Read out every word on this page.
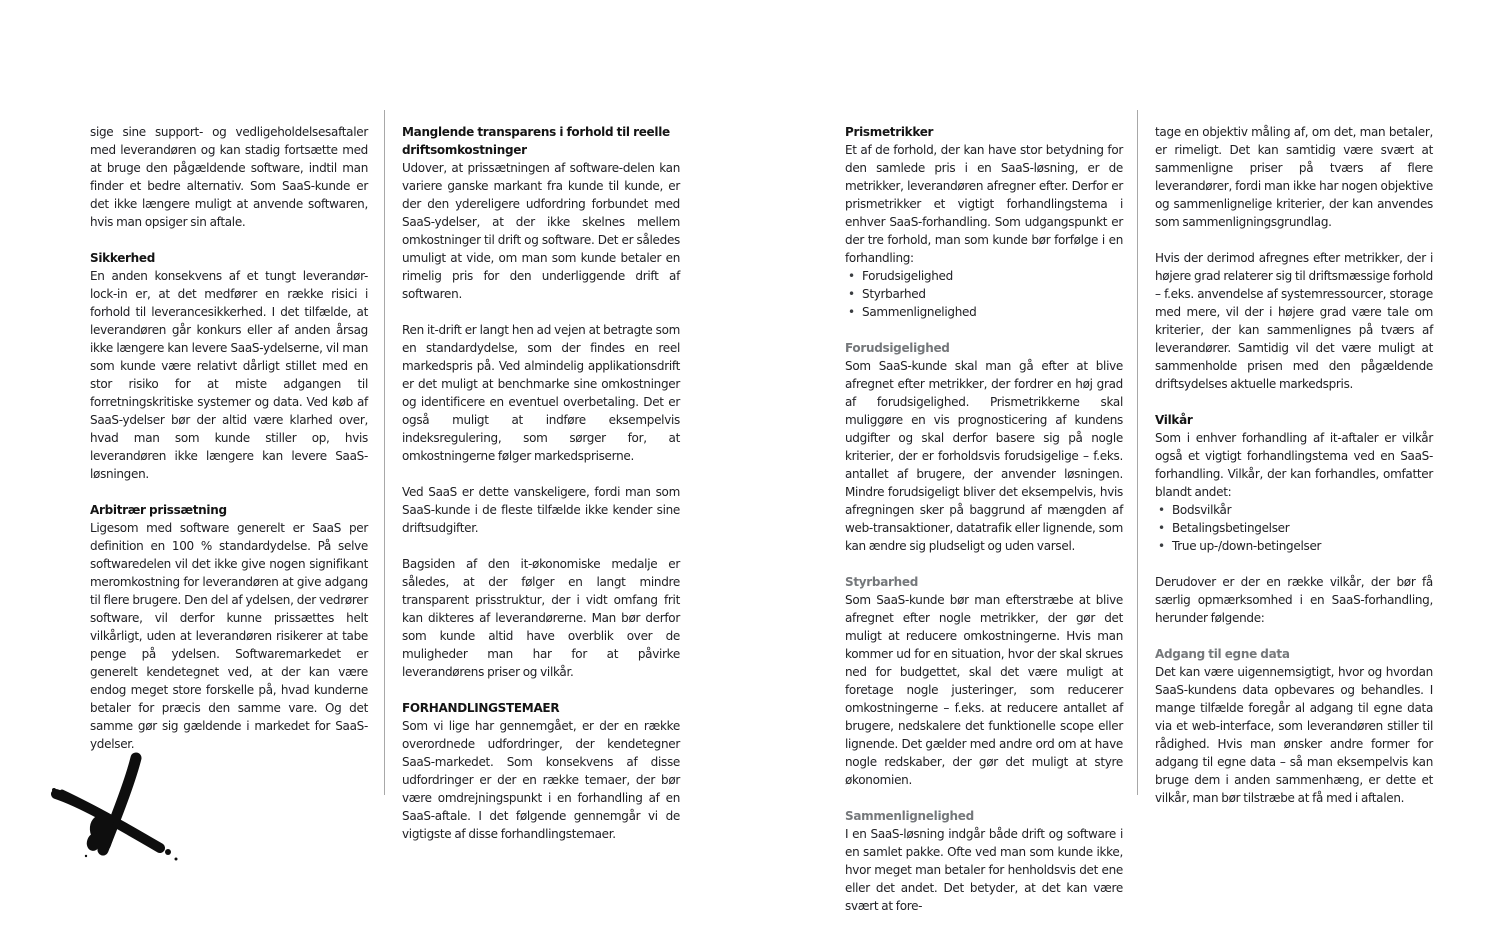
sige sine support- og vedligeholdelsesaftaler med leverandøren og kan stadig fortsætte med at bruge den pågældende software, indtil man finder et bedre alternativ. Som SaaS-kunde er det ikke længere muligt at anvende softwaren, hvis man opsiger sin aftale.
Sikkerhed
En anden konsekvens af et tungt leverandør-lock-in er, at det medfører en række risici i forhold til leverancesikkerhed. I det tilfælde, at leverandøren går konkurs eller af anden årsag ikke længere kan levere SaaS-ydelserne, vil man som kunde være relativt dårligt stillet med en stor risiko for at miste adgangen til forretningskritiske systemer og data. Ved køb af SaaS-ydelser bør der altid være klarhed over, hvad man som kunde stiller op, hvis leverandøren ikke længere kan levere SaaS-løsningen.
Arbitrær prissætning
Ligesom med software generelt er SaaS per definition en 100 % standardydelse. På selve softwaredelen vil det ikke give nogen signifikant meromkostning for leverandøren at give adgang til flere brugere. Den del af ydelsen, der vedrører software, vil derfor kunne prissættes helt vilkårligt, uden at leverandøren risikerer at tabe penge på ydelsen. Softwaremarkedet er generelt kendetegnet ved, at der kan være endog meget store forskelle på, hvad kunderne betaler for præcis den samme vare. Og det samme gør sig gældende i markedet for SaaS-ydelser.
Manglende transparens i forhold til reelle driftsomkostninger
Udover, at prissætningen af software-delen kan variere ganske markant fra kunde til kunde, er der den ydereligere udfordring forbundet med SaaS-ydelser, at der ikke skelnes mellem omkostninger til drift og software. Det er således umuligt at vide, om man som kunde betaler en rimelig pris for den underliggende drift af softwaren.
Ren it-drift er langt hen ad vejen at betragte som en standardydelse, som der findes en reel markedspris på. Ved almindelig applikationsdrift er det muligt at benchmarke sine omkostninger og identificere en eventuel overbetaling. Det er også muligt at indføre eksempelvis indeksregulering, som sørger for, at omkostningerne følger markedspriserne.
Ved SaaS er dette vanskeligere, fordi man som SaaS-kunde i de fleste tilfælde ikke kender sine driftsudgifter.
Bagsiden af den it-økonomiske medalje er således, at der følger en langt mindre transparent prisstruktur, der i vidt omfang frit kan dikteres af leverandørerne. Man bør derfor som kunde altid have overblik over de muligheder man har for at påvirke leverandørens priser og vilkår.
FORHANDLINGSTEMAER
Som vi lige har gennemgået, er der en række overordnede udfordringer, der kendetegner SaaS-markedet. Som konsekvens af disse udfordringer er der en række temaer, der bør være omdrejningspunkt i en forhandling af en SaaS-aftale. I det følgende gennemgår vi de vigtigste af disse forhandlingstemaer.
Prismetrikker
Et af de forhold, der kan have stor betydning for den samlede pris i en SaaS-løsning, er de metrikker, leverandøren afregner efter. Derfor er prismetrikker et vigtigt forhandlingstema i enhver SaaS-forhandling. Som udgangspunkt er der tre forhold, man som kunde bør forfølge i en forhandling:
• Forudsigelighed
• Styrbarhed
• Sammenlignelighed
Forudsigelighed
Som SaaS-kunde skal man gå efter at blive afregnet efter metrikker, der fordrer en høj grad af forudsigelighed. Prismetrikkerne skal muliggøre en vis prognosticering af kundens udgifter og skal derfor basere sig på nogle kriterier, der er forholdsvis forudsigelige – f.eks. antallet af brugere, der anvender løsningen. Mindre forudsigeligt bliver det eksempelvis, hvis afregningen sker på baggrund af mængden af web-transaktioner, datatrafik eller lignende, som kan ændre sig pludseligt og uden varsel.
Styrbarhed
Som SaaS-kunde bør man efterstræbe at blive afregnet efter nogle metrikker, der gør det muligt at reducere omkostningerne. Hvis man kommer ud for en situation, hvor der skal skrues ned for budgettet, skal det være muligt at foretage nogle justeringer, som reducerer omkostningerne – f.eks. at reducere antallet af brugere, nedskalere det funktionelle scope eller lignende. Det gælder med andre ord om at have nogle redskaber, der gør det muligt at styre økonomien.
Sammenlignelighed
I en SaaS-løsning indgår både drift og software i en samlet pakke. Ofte ved man som kunde ikke, hvor meget man betaler for henholdsvis det ene eller det andet. Det betyder, at det kan være svært at fore-
tage en objektiv måling af, om det, man betaler, er rimeligt. Det kan samtidig være svært at sammenligne priser på tværs af flere leverandører, fordi man ikke har nogen objektive og sammenlignelige kriterier, der kan anvendes som sammenligningsgrundlag.
Hvis der derimod afregnes efter metrikker, der i højere grad relaterer sig til driftsmæssige forhold – f.eks. anvendelse af systemressourcer, storage med mere, vil der i højere grad være tale om kriterier, der kan sammenlignes på tværs af leverandører. Samtidig vil det være muligt at sammenholde prisen med den pågældende driftsydelses aktuelle markedspris.
Vilkår
Som i enhver forhandling af it-aftaler er vilkår også et vigtigt forhandlingstema ved en SaaS-forhandling. Vilkår, der kan forhandles, omfatter blandt andet:
• Bodsvilkår
• Betalingsbetingelser
• True up-/down-betingelser
Derudover er der en række vilkår, der bør få særlig opmærksomhed i en SaaS-forhandling, herunder følgende:
Adgang til egne data
Det kan være uigennemsigtigt, hvor og hvordan SaaS-kundens data opbevares og behandles. I mange tilfælde foregår al adgang til egne data via et web-interface, som leverandøren stiller til rådighed. Hvis man ønsker andre former for adgang til egne data – så man eksempelvis kan bruge dem i anden sammenhæng, er dette et vilkår, man bør tilstræbe at få med i aftalen.
